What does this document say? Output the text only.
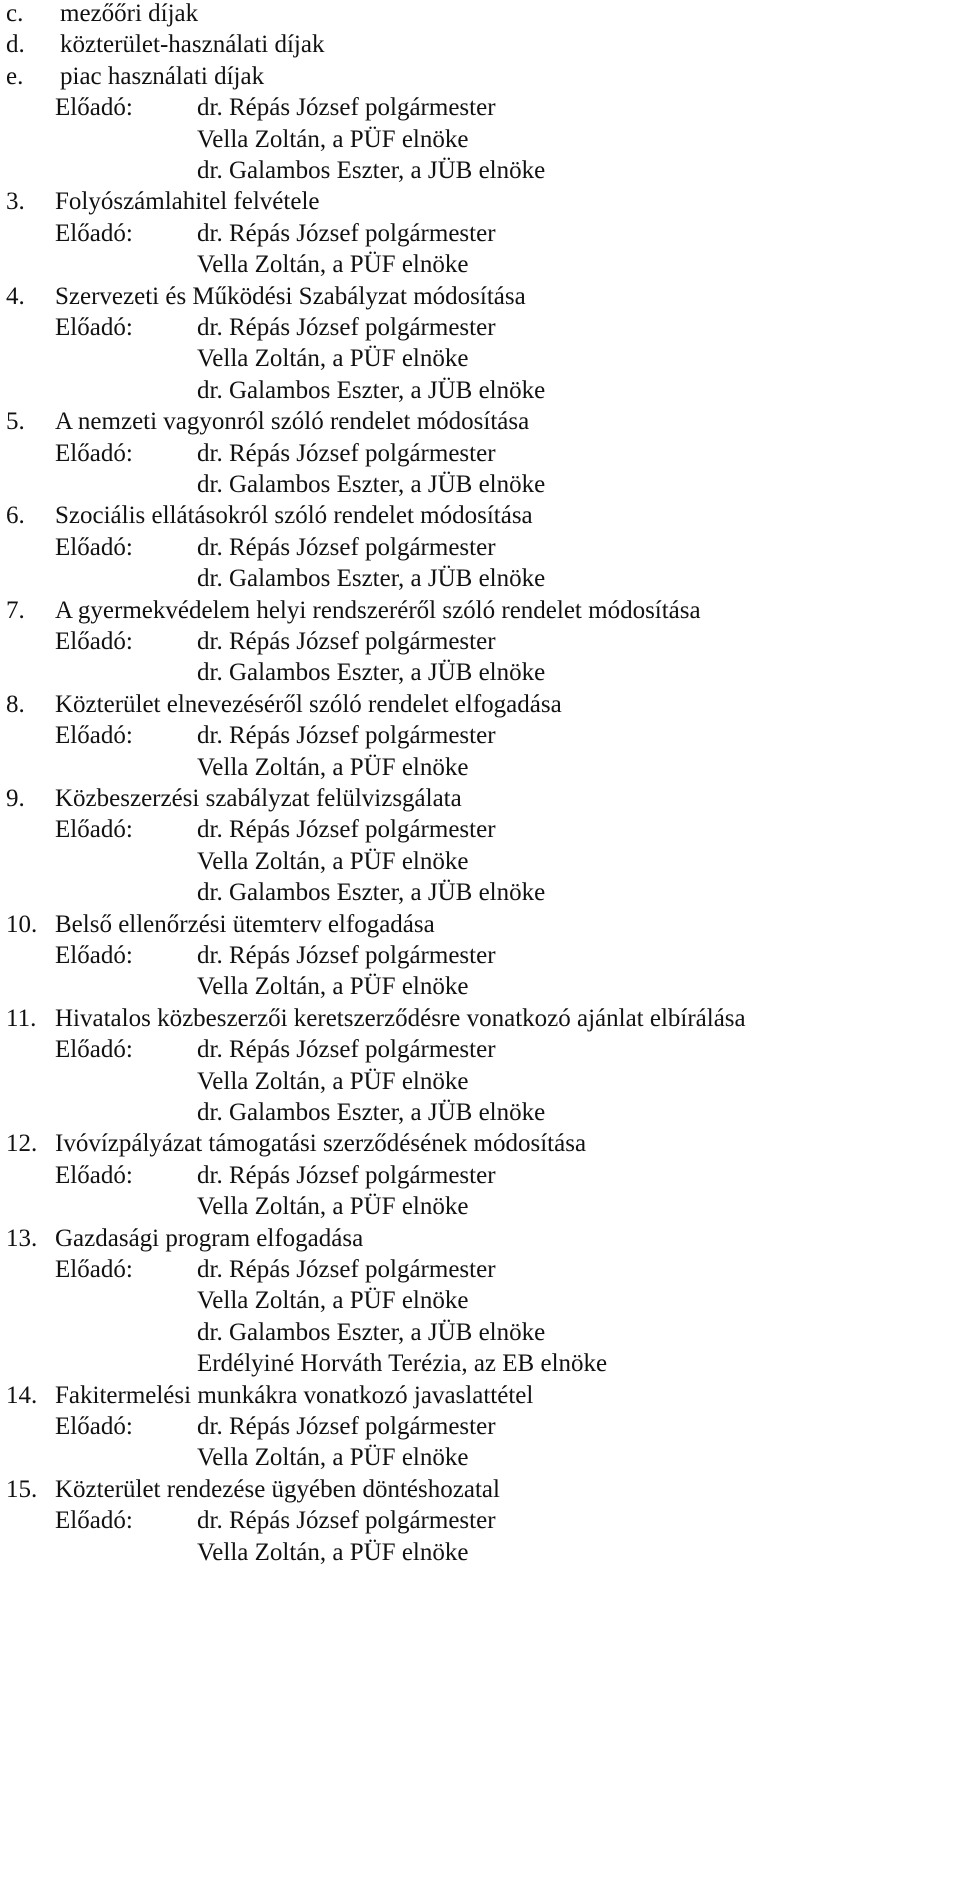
c. mezőőri díjak
d. közterület-használati díjak
e. piac használati díjak
Előadó:	dr. Répás József polgármester
Vella Zoltán, a PÜF elnöke
dr. Galambos Eszter, a JÜB elnöke
3. Folyószámlahitel felvétele
Előadó:	dr. Répás József polgármester
Vella Zoltán, a PÜF elnöke
4. Szervezeti és Működési Szabályzat módosítása
Előadó:	dr. Répás József polgármester
Vella Zoltán, a PÜF elnöke
dr. Galambos Eszter, a JÜB elnöke
5. A nemzeti vagyonról szóló rendelet módosítása
Előadó:	dr. Répás József polgármester
dr. Galambos Eszter, a JÜB elnöke
6. Szociális ellátásokról szóló rendelet módosítása
Előadó:	dr. Répás József polgármester
dr. Galambos Eszter, a JÜB elnöke
7. A gyermekvédelem helyi rendszeréről szóló rendelet módosítása
Előadó:	dr. Répás József polgármester
dr. Galambos Eszter, a JÜB elnöke
8. Közterület elnevezéséről szóló rendelet elfogadása
Előadó:	dr. Répás József polgármester
Vella Zoltán, a PÜF elnöke
9. Közbeszerzési szabályzat felülvizsgálata
Előadó:	dr. Répás József polgármester
Vella Zoltán, a PÜF elnöke
dr. Galambos Eszter, a JÜB elnöke
10. Belső ellenőrzési ütemterv elfogadása
Előadó:	dr. Répás József polgármester
Vella Zoltán, a PÜF elnöke
11. Hivatalos közbeszerzői keretszerződésre vonatkozó ajánlat elbírálása
Előadó:	dr. Répás József polgármester
Vella Zoltán, a PÜF elnöke
dr. Galambos Eszter, a JÜB elnöke
12. Ivóvízpályázat támogatási szerződésének módosítása
Előadó:	dr. Répás József polgármester
Vella Zoltán, a PÜF elnöke
13. Gazdasági program elfogadása
Előadó:	dr. Répás József polgármester
Vella Zoltán, a PÜF elnöke
dr. Galambos Eszter, a JÜB elnöke
Erdélyiné Horváth Terézia, az EB elnöke
14. Fakitermelési munkákra vonatkozó javaslattétel
Előadó:	dr. Répás József polgármester
Vella Zoltán, a PÜF elnöke
15. Közterület rendezése ügyében döntéshozatal
Előadó:	dr. Répás József polgármester
Vella Zoltán, a PÜF elnöke
